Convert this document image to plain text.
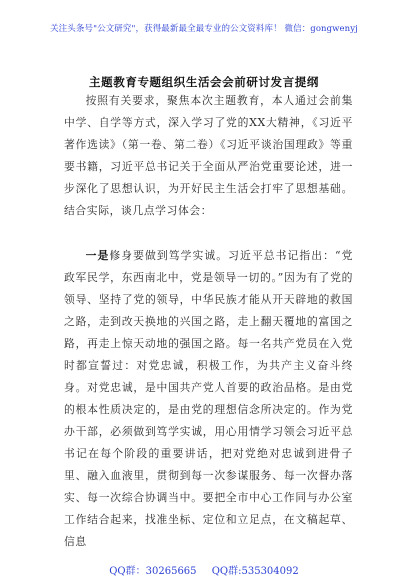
关注头条号"公文研究"，获得最新最全最专业的公文资料库！ 微信：gongwenyj
主题教育专题组织生活会会前研讨发言提纲

按照有关要求，聚焦本次主题教育，本人通过会前集中学、自学等方式，深入学习了党的XX大精神，《习近平著作选读》（第一卷、第二卷）《习近平谈治国理政》等重要书籍，习近平总书记关于全面从严治党重要论述，进一步深化了思想认识，为开好民主生活会打牢了思想基础。结合实际，谈几点学习体会：

一是修身要做到笃学实诚。习近平总书记指出：“党政军民学，东西南北中，党是领导一切的。”因为有了党的领导、坚持了党的领导，中华民族才能从开天辟地的救国之路，走到改天换地的兴国之路，走上翻天覆地的富国之路，再走上惊天动地的强国之路。每一名共产党员在入党时都宣誓过：对党忠诚，积极工作，为共产主义奋斗终身。对党忠诚，是中国共产党人首要的政治品格。是由党的根本性质决定的，是由党的理想信念所决定的。作为党办干部，必须做到笃学实诚，用心用情学习领会习近平总书记在每个阶段的重要讲话，把对党绝对忠诚到进骨子里、融入血液里，贯彻到每一次参谋服务、每一次督办落实、每一次综合协调当中。要把全市中心工作同与办公室工作结合起来，找准坐标、定位和立足点，在文稿起草、信息

QQ群：30265665 QQ群:535304092
